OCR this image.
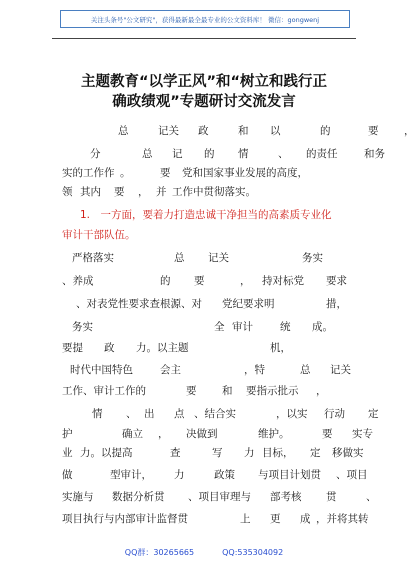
关注头条号"公文研究"，获得最新最全最专业的公文资料库！ 微信：gongwenj
主题教育“以学正风”和“树立和践行正
确政绩观”专题研讨交流发言
总	记关 政	和 以	的	要 ，
分	总 记 的 情	、 的责任	和务
实的工作作 。	要 党和国家事业发展的高度，
领 其内 要 ， 并 工作中贯彻落实。
1.　一方面，要着力打造忠诚干净担当的高素质专业化
审计干部队伍。
严格落实	总 记关	务实
、养成	的 要	， 持对标党 要求
、对表党性要求查根源、对 党纪要求明	措，
务实	全 审计	统 成。
要提 政 力。以主题	机，
时代中国特色	会主	，特	总 记关
工作、审计工作的	要 和 要指示批示 ，
情 、 出 点 、结合实	，以实 行动 定
护	确立 ， 决做到	维护。	要 实专
业 力。以提高	查	写 力 目标， 定 移做实
做	型审计， 力	政策 与项目计划贯 、项目
实施与 数据分析贯 、项目审理与 部考核 贯	、
项目执行与内部审计监督贯	上 更 成 ，并将其转
QQ群：30265665	QQ:535304092
